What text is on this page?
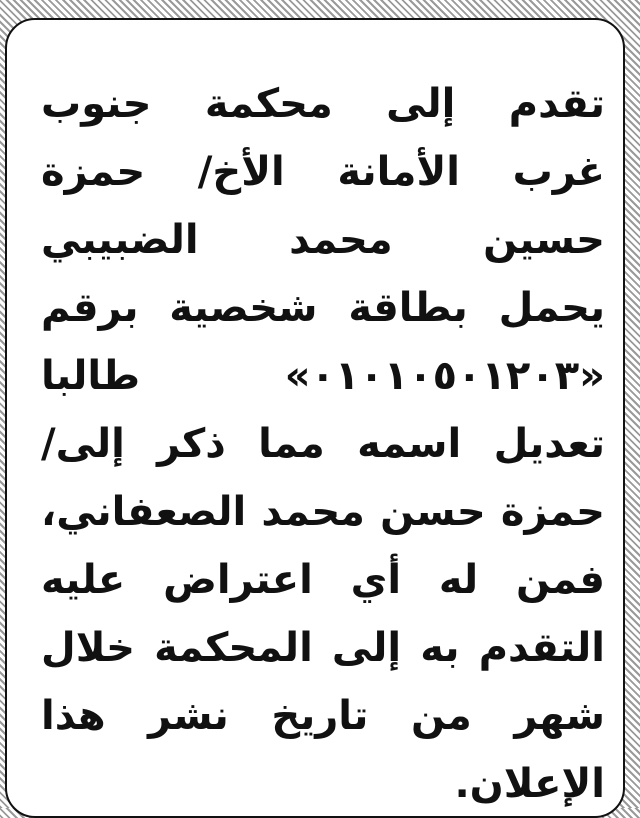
تقدم إلى محكمة جنوب
غرب الأمانة الأخ/ حمزة
حسين محمد الضبيبي
يحمل بطاقة شخصية برقم
«٠١٠١٠٥٠١٢٠٣» طالبا
تعديل اسمه مما ذكر إلى/
حمزة حسن محمد الصعفاني،
فمن له أي اعتراض عليه
التقدم به إلى المحكمة خلال
شهر من تاريخ نشر هذا
الإعلان.
